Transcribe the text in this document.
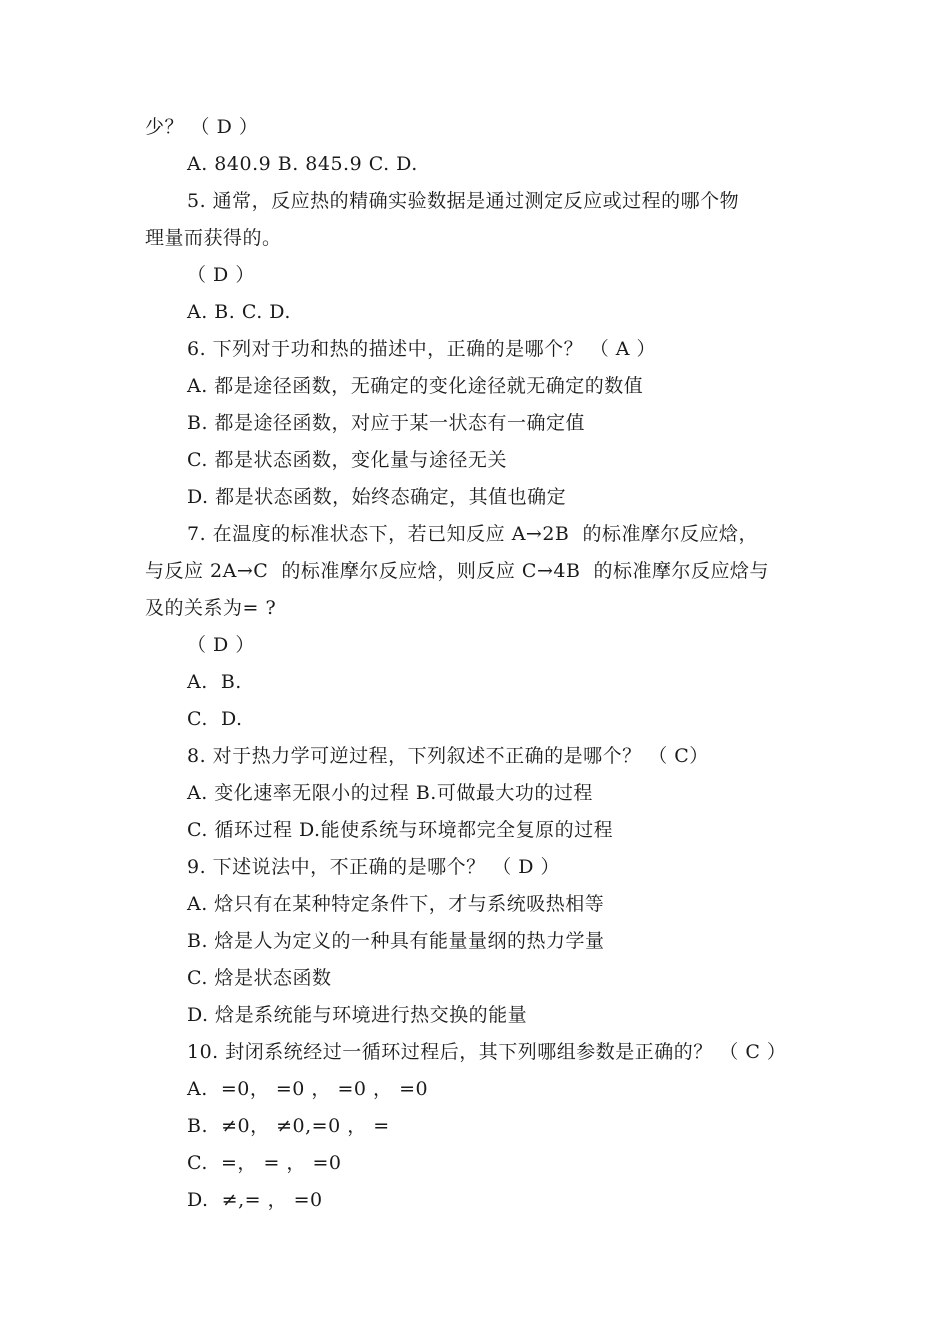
少？ （ D ）
A. 840.9 B. 845.9 C. D.
5. 通常，反应热的精确实验数据是通过测定反应或过程的哪个物
理量而获得的。
（ D ）
A. B. C. D.
6. 下列对于功和热的描述中，正确的是哪个？ （ A ）
A. 都是途径函数，无确定的变化途径就无确定的数值
B. 都是途径函数，对应于某一状态有一确定值
C. 都是状态函数，变化量与途径无关
D. 都是状态函数，始终态确定，其值也确定
7. 在温度的标准状态下，若已知反应 A→2B  的标准摩尔反应焓，
与反应 2A→C  的标准摩尔反应焓，则反应 C→4B  的标准摩尔反应焓与
及的关系为= ?
（ D ）
A.  B.
C.  D.
8. 对于热力学可逆过程，下列叙述不正确的是哪个？ （ C）
A. 变化速率无限小的过程 B.可做最大功的过程
C. 循环过程 D.能使系统与环境都完全复原的过程
9. 下述说法中，不正确的是哪个？ （ D ）
A. 焓只有在某种特定条件下，才与系统吸热相等
B. 焓是人为定义的一种具有能量量纲的热力学量
C. 焓是状态函数
D. 焓是系统能与环境进行热交换的能量
10. 封闭系统经过一循环过程后，其下列哪组参数是正确的？ （ C ）
A.  =0， =0 ， =0 ， =0
B.  ≠0， ≠0,=0 ， =
C.  =， = ， =0
D.  ≠,= ， =0
